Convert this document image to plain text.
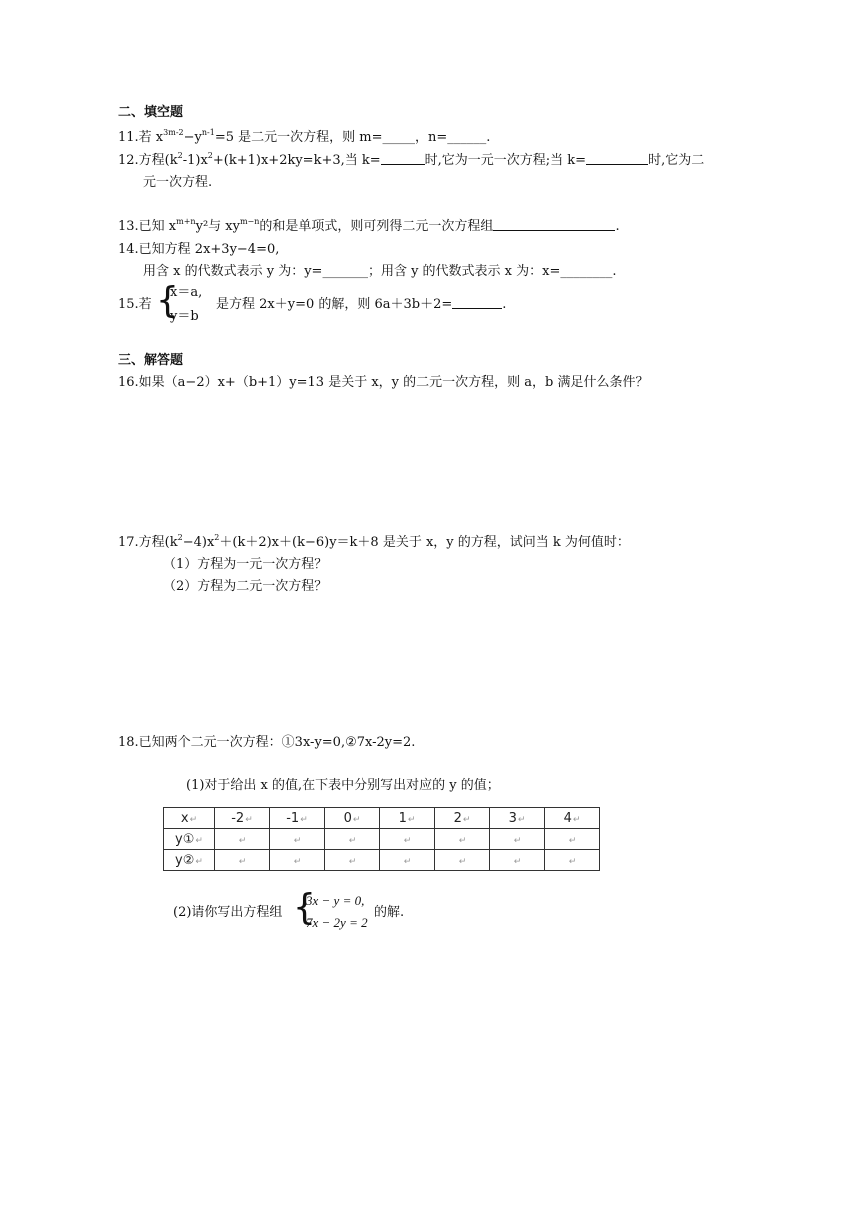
二、填空题
11.若 $x^{3m-2}-y^{n-1}=5$ 是二元一次方程，则 m=_____，n=______.
12.方程$(k^2-1)x^2+(k+1)x+2ky=k+3$,当 k=	时,它为一元一次方程;当 k=	时,它为二
元一次方程.
13.已知 $x^{m+n}y^2$与 $xy^{m-n}$的和是单项式，则可列得二元一次方程组	.
14.已知方程 2x+3y−4=0,
用含 x 的代数式表示 y 为：y=_______；用含 y 的代数式表示 x 为：x=________.
15.若 {
x＝a,
y＝b
是方程 2x＋y=0 的解，则 6a＋3b＋2=	.
三、解答题
16.如果（a−2）x+（b+1）y=13 是关于 x，y 的二元一次方程，则 a，b 满足什么条件？
17.方程$(k^2-4)x^2+(k+2)x+(k-6)y=k+8$ 是关于 x，y 的方程，试问当 k 为何值时：
（1）方程为一元一次方程？
（2）方程为二元一次方程？
18.已知两个二元一次方程：①3x-y=0,②7x-2y=2.
(1)对于给出 x 的值,在下表中分别写出对应的 y 的值；
x↵	-2↵	-1↵	0↵	1↵	2↵	3↵	4↵
y①↵	↵	↵	↵	↵	↵	↵	↵
y②↵	↵	↵	↵	↵	↵	↵	↵
(2)请你写出方程组 {
3x − y = 0,
7x − 2y = 2
的解.
